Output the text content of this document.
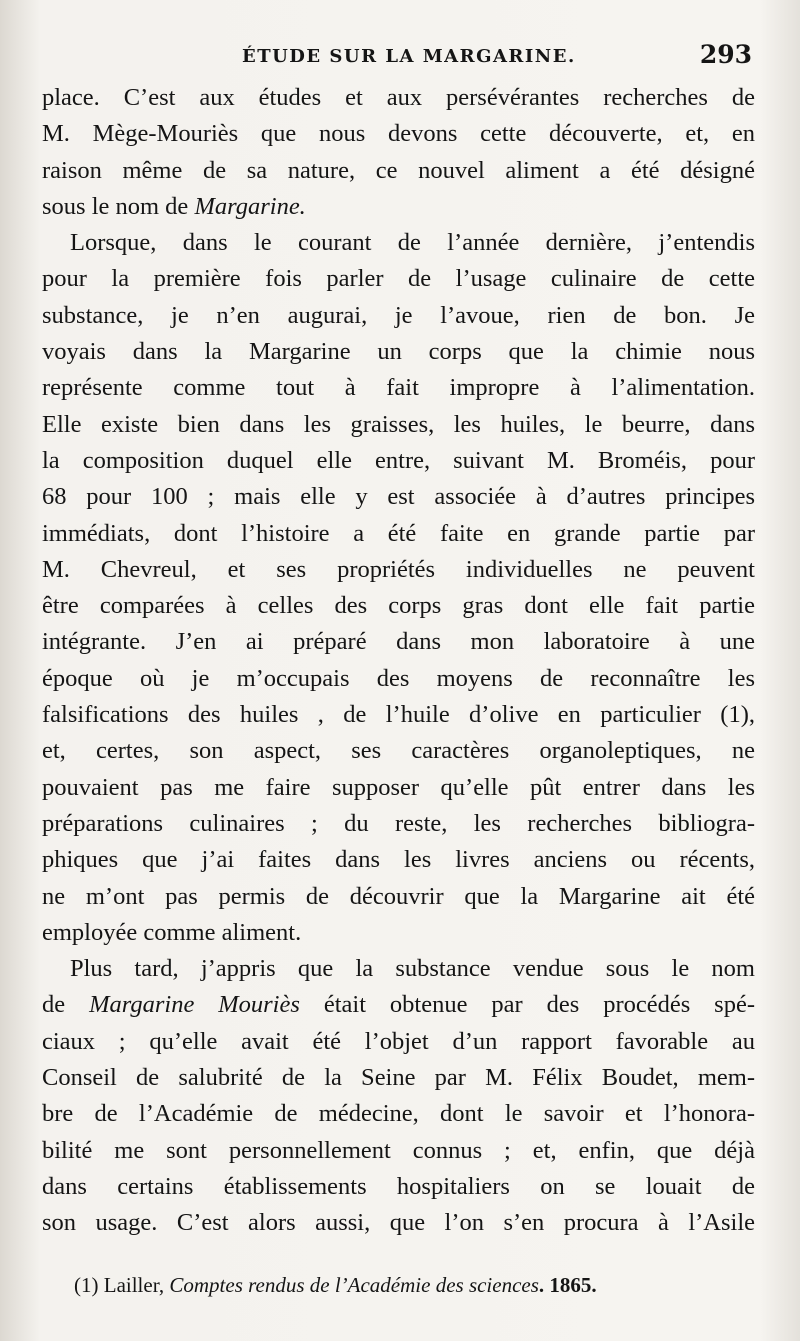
ÉTUDE SUR LA MARGARINE.	293
place. C’est aux études et aux persévérantes recherches de
M. Mège-Mouriès que nous devons cette découverte, et, en
raison même de sa nature, ce nouvel aliment a été désigné
sous le nom de Margarine.
Lorsque, dans le courant de l’année dernière, j’entendis
pour la première fois parler de l’usage culinaire de cette
substance, je n’en augurai, je l’avoue, rien de bon. Je
voyais dans la Margarine un corps que la chimie nous
représente comme tout à fait impropre à l’alimentation.
Elle existe bien dans les graisses, les huiles, le beurre, dans
la composition duquel elle entre, suivant M. Broméis, pour
68 pour 100 ; mais elle y est associée à d’autres principes
immédiats, dont l’histoire a été faite en grande partie par
M. Chevreul, et ses propriétés individuelles ne peuvent
être comparées à celles des corps gras dont elle fait partie
intégrante. J’en ai préparé dans mon laboratoire à une
époque où je m’occupais des moyens de reconnaître les
falsifications des huiles , de l’huile d’olive en particulier (1),
et, certes, son aspect, ses caractères organoleptiques, ne
pouvaient pas me faire supposer qu’elle pût entrer dans les
préparations culinaires ; du reste, les recherches bibliogra-
phiques que j’ai faites dans les livres anciens ou récents,
ne m’ont pas permis de découvrir que la Margarine ait été
employée comme aliment.
Plus tard, j’appris que la substance vendue sous le nom
de Margarine Mouriès était obtenue par des procédés spé-
ciaux ; qu’elle avait été l’objet d’un rapport favorable au
Conseil de salubrité de la Seine par M. Félix Boudet, mem-
bre de l’Académie de médecine, dont le savoir et l’honora-
bilité me sont personnellement connus ; et, enfin, que déjà
dans certains établissements hospitaliers on se louait de
son usage. C’est alors aussi, que l’on s’en procura à l’Asile
(1) Lailler, Comptes rendus de l’Académie des sciences. 1865.
